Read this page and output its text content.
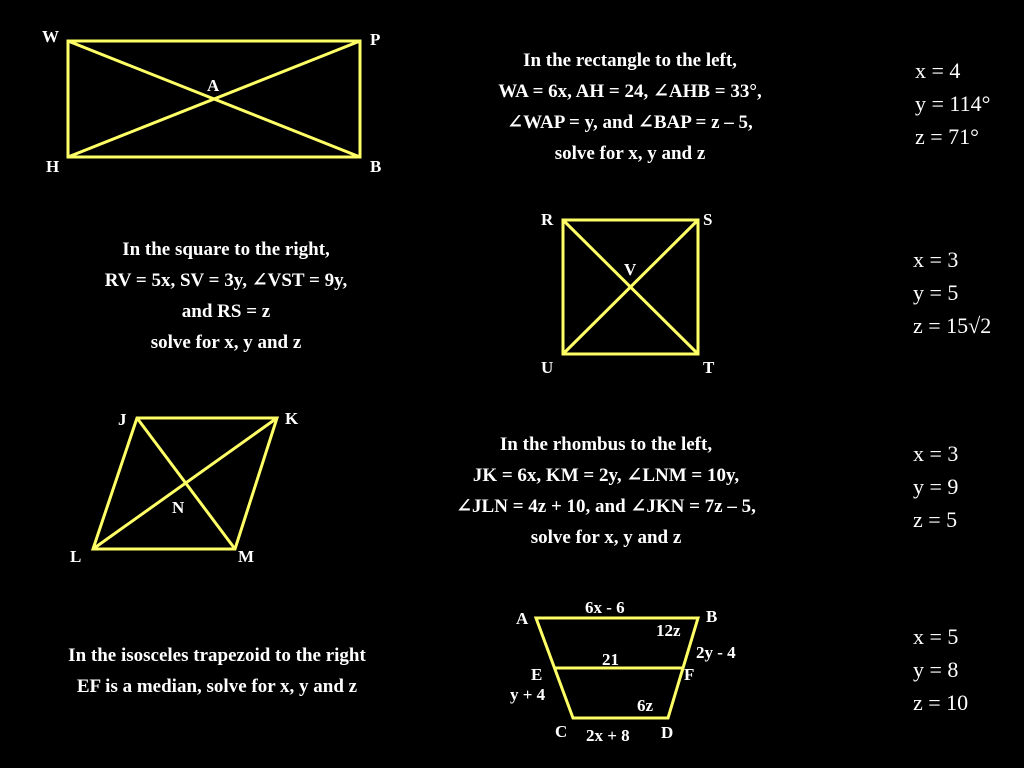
W	P
A
H	B
R	S
V
U	T
J	K
N
L	M
6x - 6
A	B
12z
2y - 4
21
E	F
y + 4
6z
C	D
2x + 8
In the rectangle to the left,
WA = 6x, AH = 24, ∠AHB = 33°,
∠WAP = y, and ∠BAP = z – 5,
solve for x, y and z
x = 4
y = 114°
z = 71°
In the square to the right,
RV = 5x, SV = 3y, ∠VST = 9y,
and RS = z
solve for x, y and z
x = 3
y = 5
z = 15√2
In the rhombus to the left,
JK = 6x, KM = 2y, ∠LNM = 10y,
∠JLN = 4z + 10, and ∠JKN = 7z – 5,
solve for x, y and z
x = 3
y = 9
z = 5
In the isosceles trapezoid to the right
EF is a median, solve for x, y and z
x = 5
y = 8
z = 10
